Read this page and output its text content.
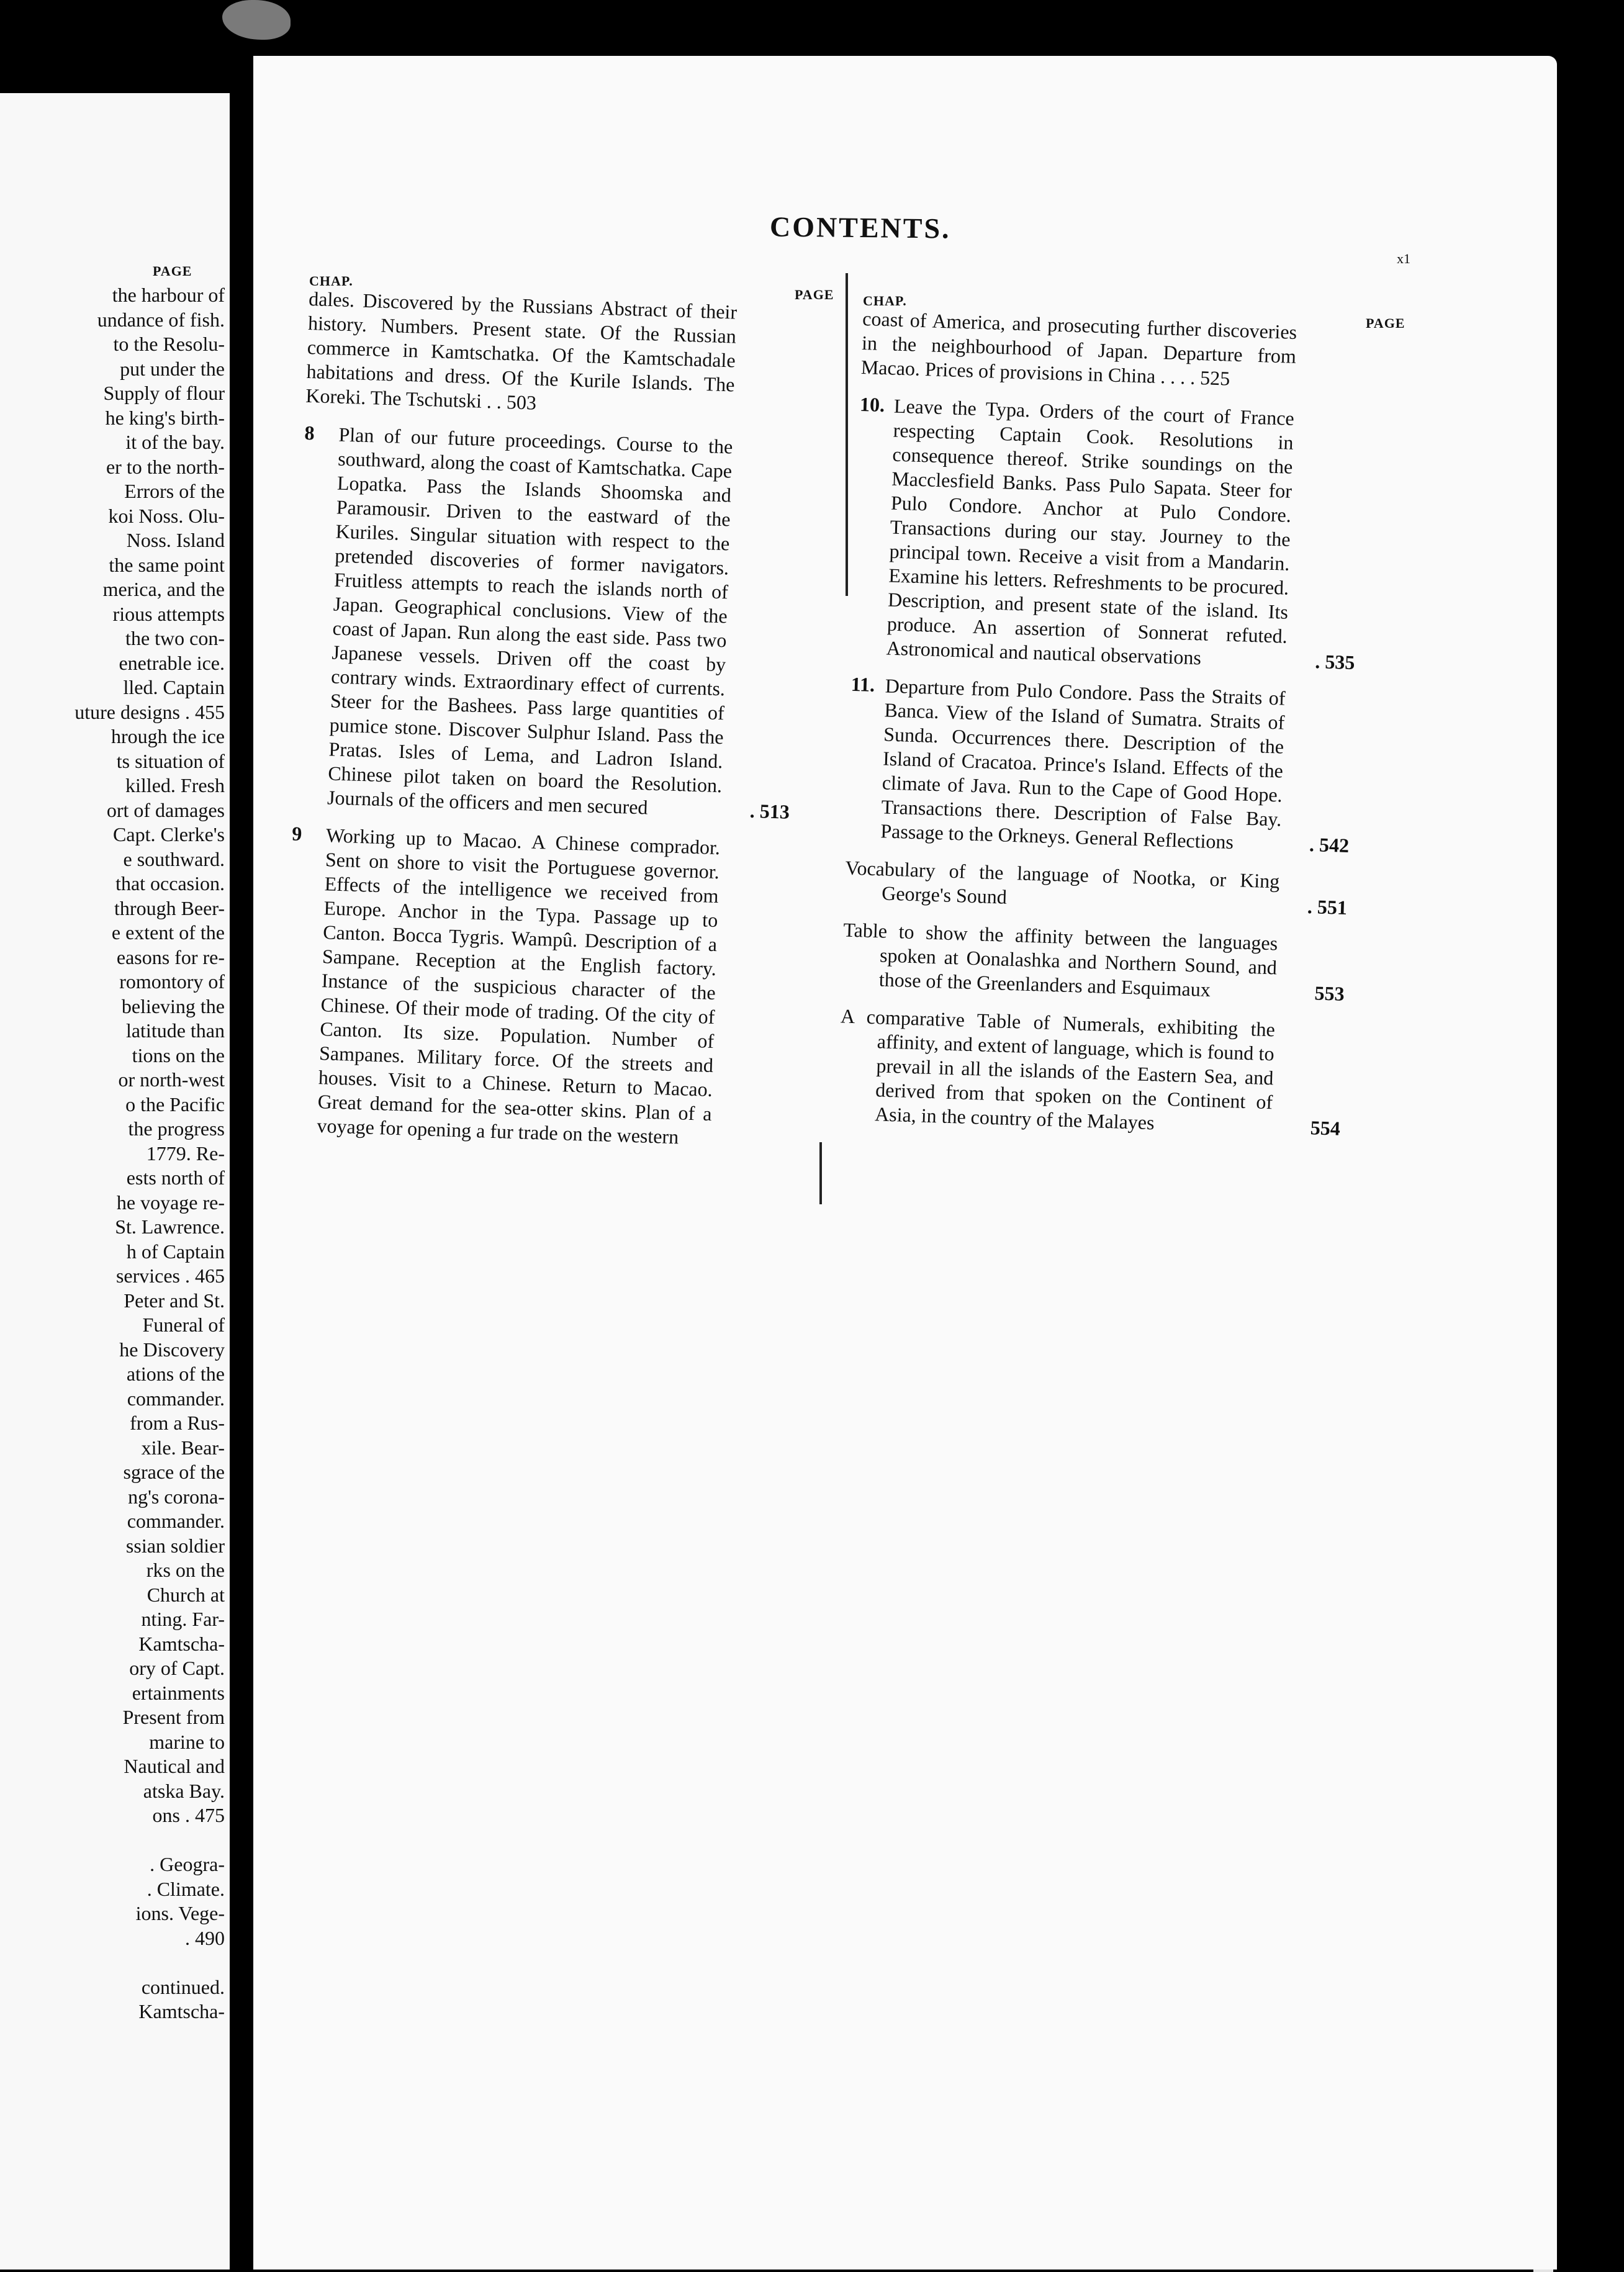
PAGE
the harbour of
undance of fish.
to the Resolu-
put under the
Supply of flour
he king's birth-
it of the bay.
er to the north-
Errors of the
koi Noss. Olu-
Noss. Island
the same point
merica, and the
rious attempts
the two con-
enetrable ice.
lled. Captain
uture designs . 455
hrough the ice
ts situation of
killed. Fresh
ort of damages
Capt. Clerke's
e southward.
that occasion.
through Beer-
e extent of the
easons for re-
romontory of
believing the
latitude than
tions on the
or north-west
o the Pacific
the progress
1779. Re-
ests north of
he voyage re-
St. Lawrence.
h of Captain
services . 465
Peter and St.
Funeral of
he Discovery
ations of the
commander.
from a Rus-
xile. Bear-
sgrace of the
ng's corona-
commander.
ssian soldier
rks on the
Church at
nting. Far-
Kamtscha-
ory of Capt.
ertainments
Present from
marine to
Nautical and
atska Bay.
ons . 475
. Geogra-
. Climate.
ions. Vege-
. 490
continued.
Kamtscha-
CONTENTS.
x1
CHAP.
PAGE CHAP.
PAGE
dales. Discovered by the Russians Abstract of their history. Numbers. Present state. Of the Russian commerce in Kamtschatka. Of the Kamtschadale habitations and dress. Of the Kurile Islands. The Koreki. The Tschutski . . 503
8	Plan of our future proceedings. Course to the southward, along the coast of Kamtschatka. Cape Lopatka. Pass the Islands Shoomska and Paramousir. Driven to the eastward of the Kuriles. Singular situation with respect to the pretended discoveries of former navigators. Fruitless attempts to reach the islands north of Japan. Geographical conclusions. View of the coast of Japan. Run along the east side. Pass two Japanese vessels. Driven off the coast by contrary winds. Extraordinary effect of currents. Steer for the Bashees. Pass large quantities of pumice stone. Discover Sulphur Island. Pass the Pratas. Isles of Lema, and Ladron Island. Chinese pilot taken on board the Resolution. Journals of the officers and men secured	. 513
9	Working up to Macao. A Chinese comprador. Sent on shore to visit the Portuguese governor. Effects of the intelligence we received from Europe. Anchor in the Typa. Passage up to Canton. Bocca Tygris. Wampû. Description of a Sampane. Reception at the English factory. Instance of the suspicious character of the Chinese. Of their mode of trading. Of the city of Canton. Its size. Population. Number of Sampanes. Military force. Of the streets and houses. Visit to a Chinese. Return to Macao. Great demand for the sea-otter skins. Plan of a voyage for opening a fur trade on the western
coast of America, and prosecuting further discoveries in the neighbourhood of Japan. Departure from Macao. Prices of provisions in China . . . . 525
10. Leave the Typa. Orders of the court of France respecting Captain Cook. Resolutions in consequence thereof. Strike soundings on the Macclesfield Banks. Pass Pulo Sapata. Steer for Pulo Condore. Anchor at Pulo Condore. Transactions during our stay. Journey to the principal town. Receive a visit from a Mandarin. Examine his letters. Refreshments to be procured. Description, and present state of the island. Its produce. An assertion of Sonnerat refuted. Astronomical and nautical observations	. 535
11. Departure from Pulo Condore. Pass the Straits of Banca. View of the Island of Sumatra. Straits of Sunda. Occurrences there. Description of the Island of Cracatoa. Prince's Island. Effects of the climate of Java. Run to the Cape of Good Hope. Transactions there. Description of False Bay. Passage to the Orkneys. General Reflections	. 542
Vocabulary of the language of Nootka, or King George's Sound	. 551
Table to show the affinity between the languages spoken at Oonalashka and Northern Sound, and those of the Greenlanders and Esquimaux	553
A comparative Table of Numerals, exhibiting the affinity, and extent of language, which is found to prevail in all the islands of the Eastern Sea, and derived from that spoken on the Continent of Asia, in the country of the Malayes	554
